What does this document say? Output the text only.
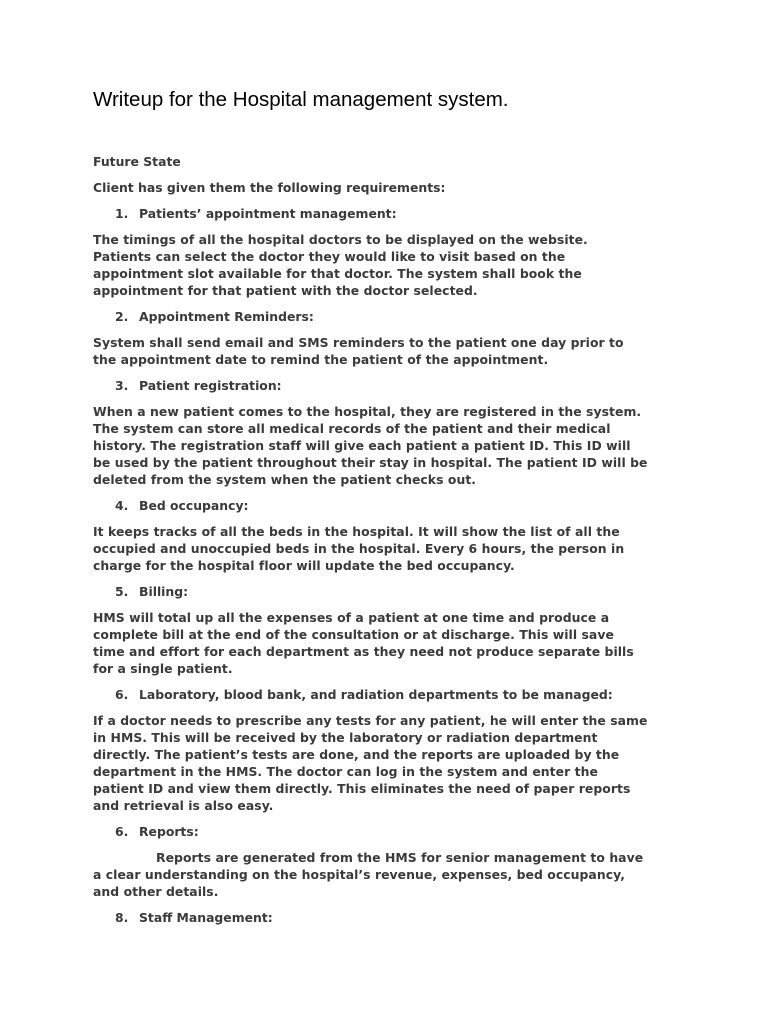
Writeup for the Hospital management system.

Future State

Client has given them the following requirements:

1. Patients’ appointment management:

The timings of all the hospital doctors to be displayed on the website.
Patients can select the doctor they would like to visit based on the
appointment slot available for that doctor. The system shall book the
appointment for that patient with the doctor selected.

2. Appointment Reminders:

System shall send email and SMS reminders to the patient one day prior to
the appointment date to remind the patient of the appointment.

3. Patient registration:

When a new patient comes to the hospital, they are registered in the system.
The system can store all medical records of the patient and their medical
history. The registration staff will give each patient a patient ID. This ID will
be used by the patient throughout their stay in hospital. The patient ID will be
deleted from the system when the patient checks out.

4. Bed occupancy:

It keeps tracks of all the beds in the hospital. It will show the list of all the
occupied and unoccupied beds in the hospital. Every 6 hours, the person in
charge for the hospital floor will update the bed occupancy.

5. Billing:

HMS will total up all the expenses of a patient at one time and produce a
complete bill at the end of the consultation or at discharge. This will save
time and effort for each department as they need not produce separate bills
for a single patient.

6. Laboratory, blood bank, and radiation departments to be managed:

If a doctor needs to prescribe any tests for any patient, he will enter the same
in HMS. This will be received by the laboratory or radiation department
directly. The patient’s tests are done, and the reports are uploaded by the
department in the HMS. The doctor can log in the system and enter the
patient ID and view them directly. This eliminates the need of paper reports
and retrieval is also easy.

6. Reports:

Reports are generated from the HMS for senior management to have
a clear understanding on the hospital’s revenue, expenses, bed occupancy,
and other details.

8. Staff Management:
